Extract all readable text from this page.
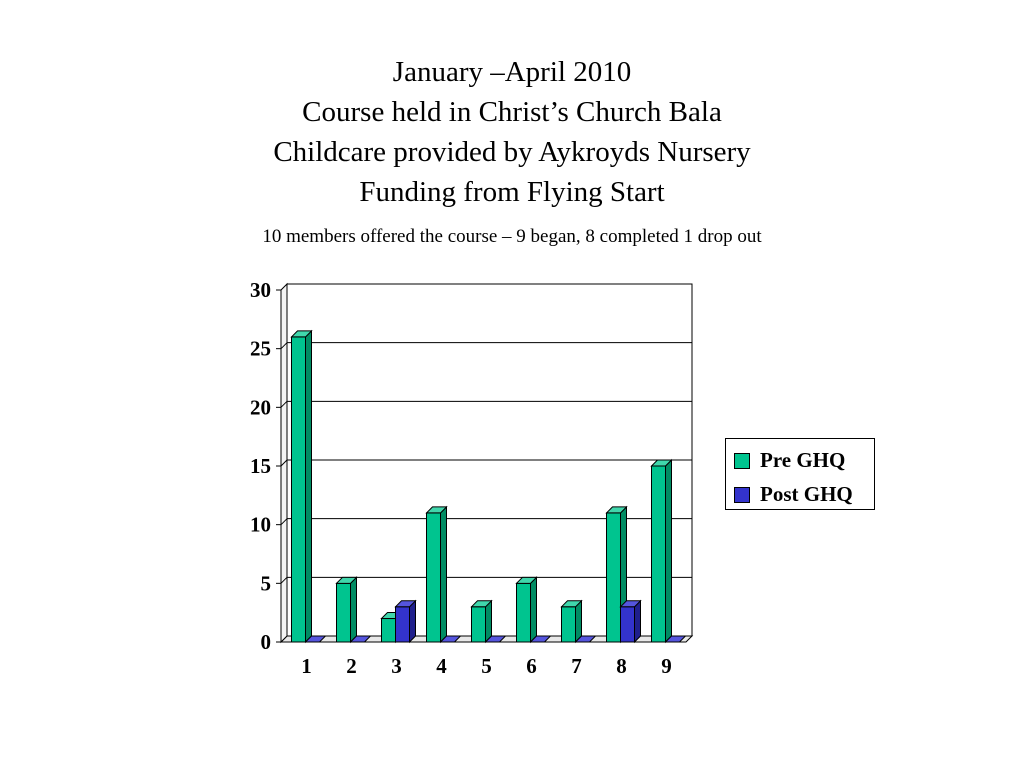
January –April 2010
Course held in Christ’s Church Bala
Childcare provided by Aykroyds Nursery
Funding from Flying Start
10 members offered the course – 9 began, 8 completed 1 drop out
0
5
10
15
20
25
30
1 2 3 4 5 6 7 8 9
Pre GHQ
Post GHQ
